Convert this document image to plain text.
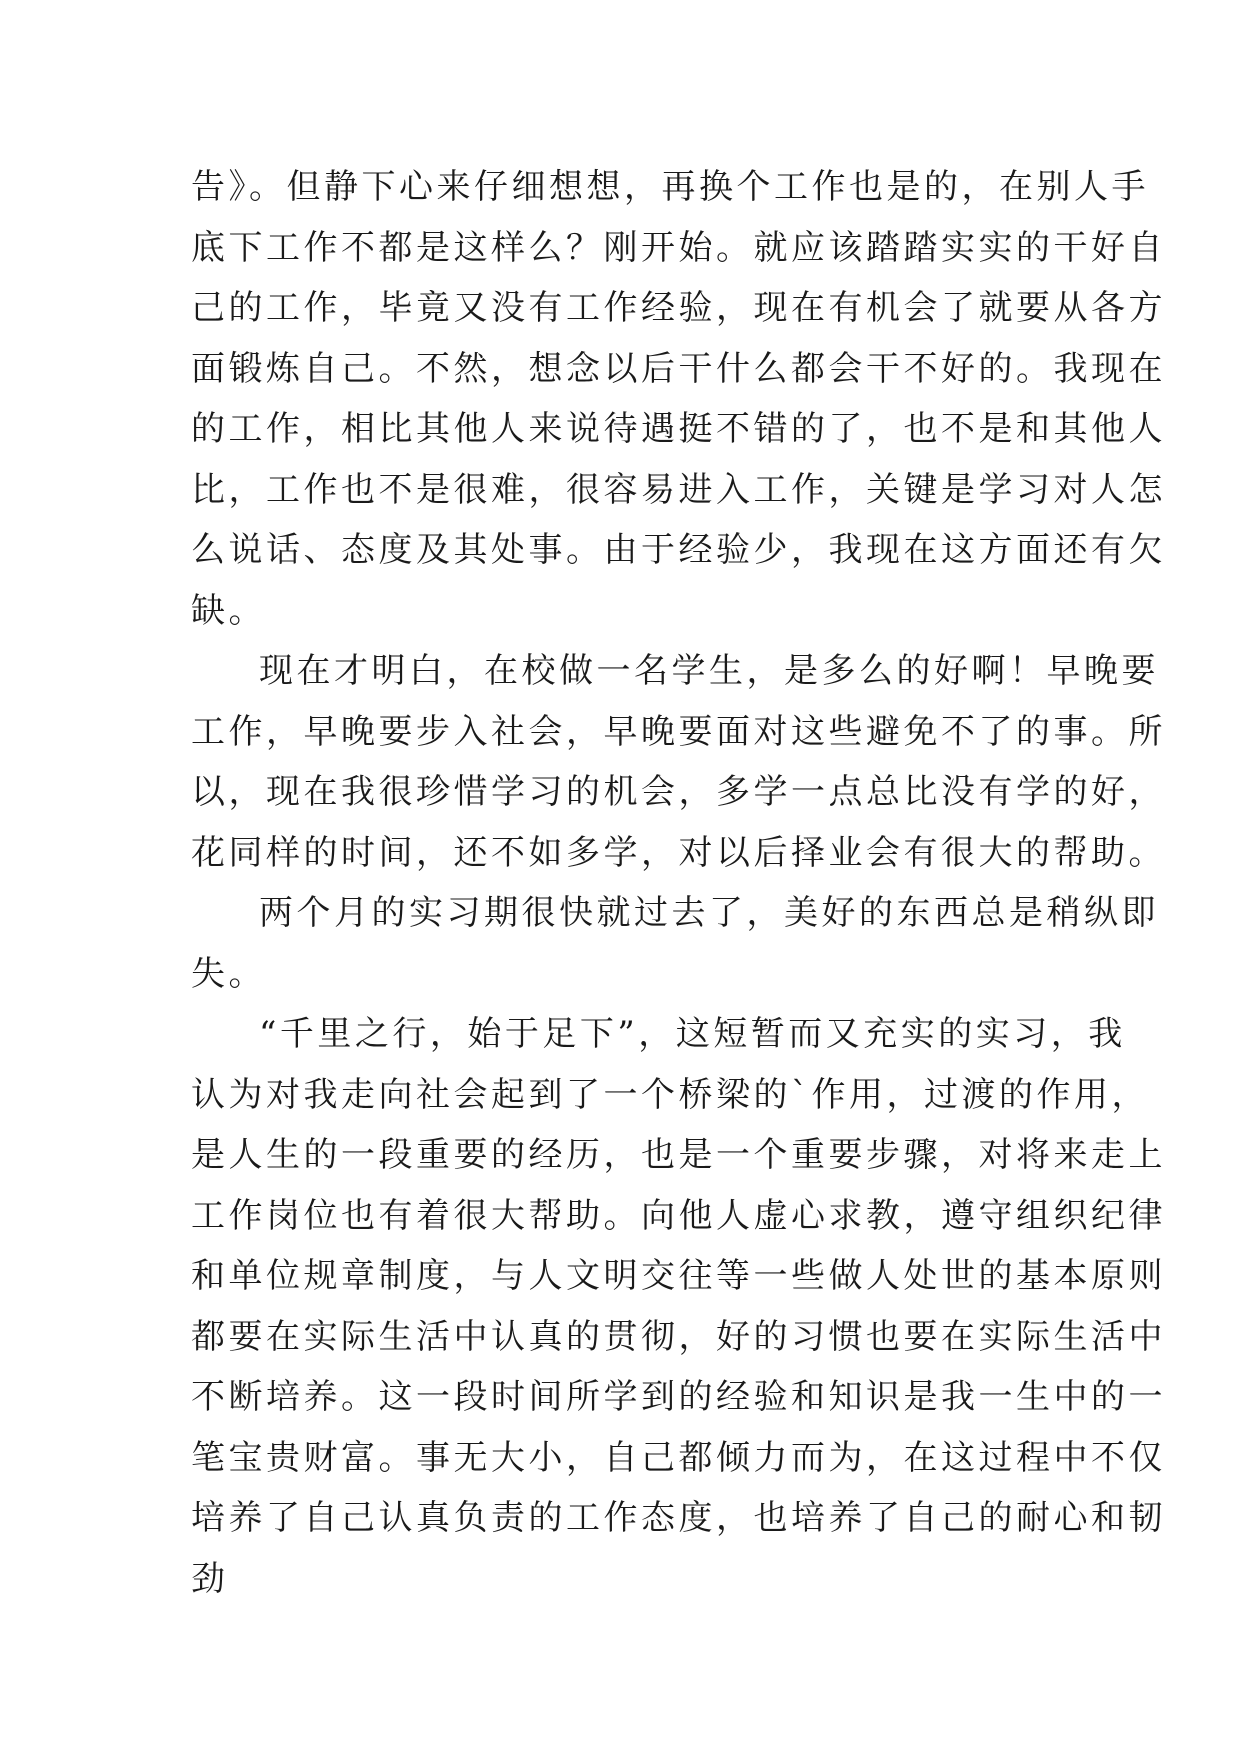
告》。但静下心来仔细想想，再换个工作也是的，在别人手
底下工作不都是这样么？刚开始。就应该踏踏实实的干好自
己的工作，毕竟又没有工作经验，现在有机会了就要从各方
面锻炼自己。不然，想念以后干什么都会干不好的。我现在
的工作，相比其他人来说待遇挺不错的了，也不是和其他人
比，工作也不是很难，很容易进入工作，关键是学习对人怎
么说话、态度及其处事。由于经验少，我现在这方面还有欠
缺。
现在才明白，在校做一名学生，是多么的好啊！早晚要
工作，早晚要步入社会，早晚要面对这些避免不了的事。所
以，现在我很珍惜学习的机会，多学一点总比没有学的好，
花同样的时间，还不如多学，对以后择业会有很大的帮助。
两个月的实习期很快就过去了，美好的东西总是稍纵即
失。
“千里之行，始于足下”，这短暂而又充实的实习，我
认为对我走向社会起到了一个桥梁的`作用，过渡的作用，
是人生的一段重要的经历，也是一个重要步骤，对将来走上
工作岗位也有着很大帮助。向他人虚心求教，遵守组织纪律
和单位规章制度，与人文明交往等一些做人处世的基本原则
都要在实际生活中认真的贯彻，好的习惯也要在实际生活中
不断培养。这一段时间所学到的经验和知识是我一生中的一
笔宝贵财富。事无大小，自己都倾力而为，在这过程中不仅
培养了自己认真负责的工作态度，也培养了自己的耐心和韧
劲
